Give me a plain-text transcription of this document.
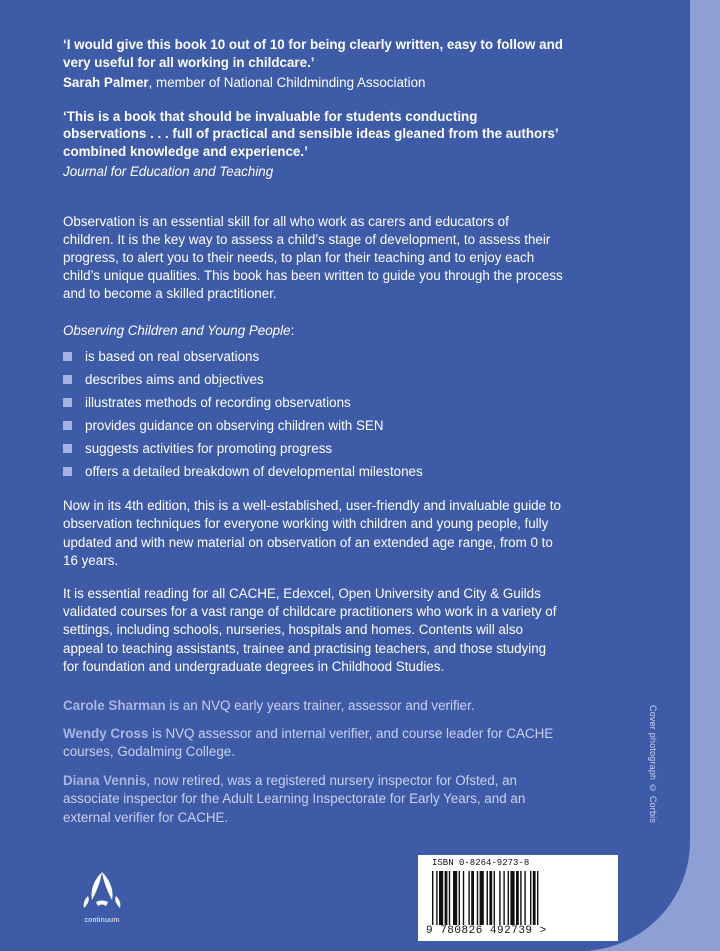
‘I would give this book 10 out of 10 for being clearly written, easy to follow and very useful for all working in childcare.’

Sarah Palmer, member of National Childminding Association

‘This is a book that should be invaluable for students conducting observations . . . full of practical and sensible ideas gleaned from the authors’ combined knowledge and experience.’

Journal for Education and Teaching

Observation is an essential skill for all who work as carers and educators of children. It is the key way to assess a child’s stage of development, to assess their progress, to alert you to their needs, to plan for their teaching and to enjoy each child’s unique qualities. This book has been written to guide you through the process and to become a skilled practitioner.

Observing Children and Young People:

is based on real observations
describes aims and objectives
illustrates methods of recording observations
provides guidance on observing children with SEN
suggests activities for promoting progress
offers a detailed breakdown of developmental milestones

Now in its 4th edition, this is a well-established, user-friendly and invaluable guide to observation techniques for everyone working with children and young people, fully updated and with new material on observation of an extended age range, from 0 to 16 years.

It is essential reading for all CACHE, Edexcel, Open University and City & Guilds validated courses for a vast range of childcare practitioners who work in a variety of settings, including schools, nurseries, hospitals and homes. Contents will also appeal to teaching assistants, trainee and practising teachers, and those studying for foundation and undergraduate degrees in Childhood Studies.

Carole Sharman is an NVQ early years trainer, assessor and verifier.

Wendy Cross is NVQ assessor and internal verifier, and course leader for CACHE courses, Godalming College.

Diana Vennis, now retired, was a registered nursery inspector for Ofsted, an associate inspector for the Adult Learning Inspectorate for Early Years, and an external verifier for CACHE.	Cover photograph © Corbis
continuum
ISBN 0-8264-9273-8
9 780826 492739 >
